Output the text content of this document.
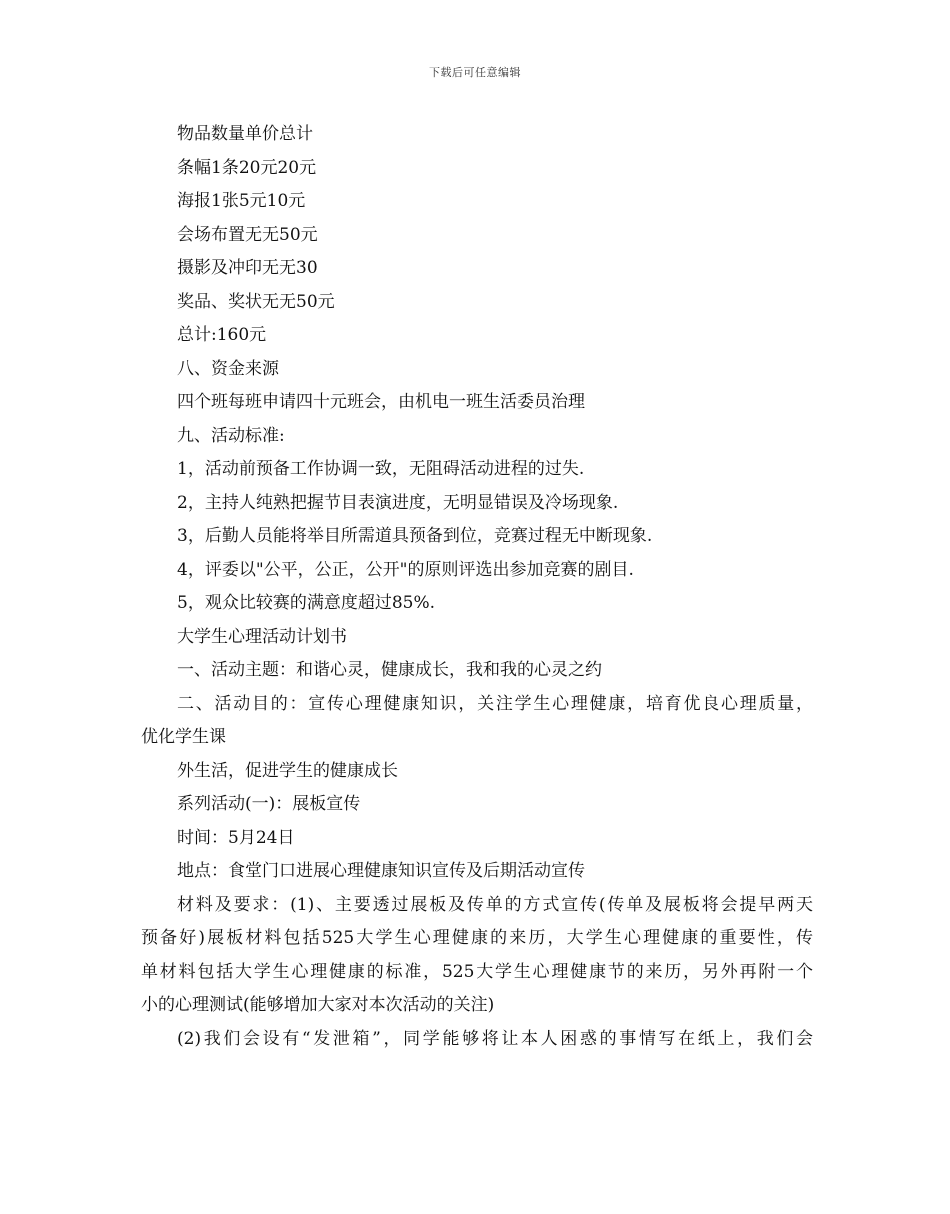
下载后可任意编辑
物品数量单价总计
条幅1条20元20元
海报1张5元10元
会场布置无无50元
摄影及冲印无无30
奖品、奖状无无50元
总计:160元
八、资金来源
四个班每班申请四十元班会，由机电一班生活委员治理
九、活动标准:
1，活动前预备工作协调一致，无阻碍活动进程的过失.
2，主持人纯熟把握节目表演进度，无明显错误及冷场现象.
3，后勤人员能将举目所需道具预备到位，竞赛过程无中断现象.
4，评委以"公平，公正，公开"的原则评选出参加竞赛的剧目.
5，观众比较赛的满意度超过85%.
大学生心理活动计划书
一、活动主题：和谐心灵，健康成长，我和我的心灵之约
二、活动目的：宣传心理健康知识，关注学生心理健康，培育优良心理质量，
优化学生课
外生活，促进学生的健康成长
系列活动(一)：展板宣传
时间：5月24日
地点：食堂门口进展心理健康知识宣传及后期活动宣传
材料及要求：(1)、主要透过展板及传单的方式宣传(传单及展板将会提早两天
预备好)展板材料包括525大学生心理健康的来历，大学生心理健康的重要性，传
单材料包括大学生心理健康的标准，525大学生心理健康节的来历，另外再附一个
小的心理测试(能够增加大家对本次活动的关注)
(2)我们会设有“发泄箱”，同学能够将让本人困惑的事情写在纸上，我们会
